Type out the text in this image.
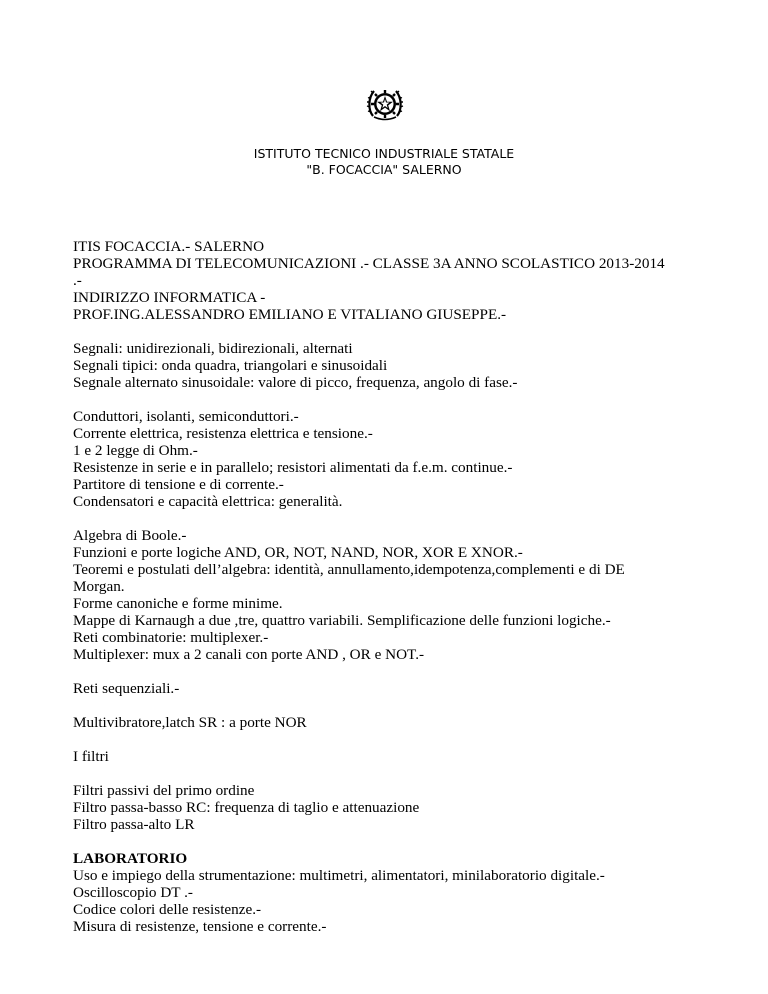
ISTITUTO TECNICO INDUSTRIALE STATALE
"B. FOCACCIA" SALERNO
ITIS FOCACCIA.- SALERNO
PROGRAMMA DI TELECOMUNICAZIONI .- CLASSE 3A ANNO SCOLASTICO 2013-2014
.-
INDIRIZZO INFORMATICA -
PROF.ING.ALESSANDRO EMILIANO E VITALIANO GIUSEPPE.-
Segnali: unidirezionali, bidirezionali, alternati
Segnali tipici: onda quadra, triangolari e sinusoidali
Segnale alternato sinusoidale: valore di picco, frequenza, angolo di fase.-
Conduttori, isolanti, semiconduttori.-
Corrente elettrica, resistenza elettrica e tensione.-
1 e 2 legge di Ohm.-
Resistenze in serie e in parallelo; resistori alimentati da f.e.m. continue.-
Partitore di tensione e di corrente.-
Condensatori e capacità elettrica: generalità.
Algebra di Boole.-
Funzioni e porte logiche AND, OR, NOT, NAND, NOR, XOR E XNOR.-
Teoremi e postulati dell’algebra: identità, annullamento,idempotenza,complementi e di DE
Morgan.
Forme canoniche e forme minime.
Mappe di Karnaugh a due ,tre, quattro variabili. Semplificazione delle funzioni logiche.-
Reti combinatorie: multiplexer.-
Multiplexer: mux a 2 canali con porte AND , OR e NOT.-
Reti sequenziali.-
Multivibratore,latch SR : a porte NOR
I filtri
Filtri passivi del primo ordine
Filtro passa-basso RC: frequenza di taglio e attenuazione
Filtro passa-alto LR
LABORATORIO
Uso e impiego della strumentazione: multimetri, alimentatori, minilaboratorio digitale.-
Oscilloscopio DT .-
Codice colori delle resistenze.-
Misura di resistenze, tensione e corrente.-
